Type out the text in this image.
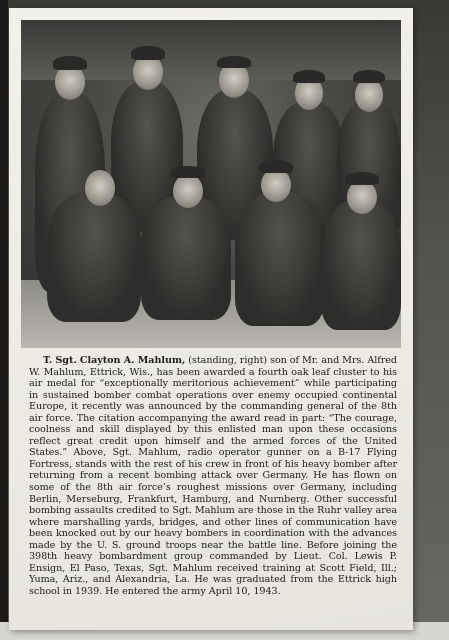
T. Sgt. Clayton A. Mahlum, (standing, right) son of Mr. and Mrs. Alfred W. Mahlum, Ettrick, Wis., has been awarded a fourth oak leaf cluster to his air medal for “exceptionally meritorious achievement” while participating in sustained bomber combat operations over enemy occupied continental Europe, it recently was announced by the commanding general of the 8th air force. The citation accompanying the award read in part: “The courage, coolness and skill displayed by this enlisted man upon these occasions reflect great credit upon himself and the armed forces of the United States.” Above, Sgt. Mahlum, radio operator gunner on a B-17 Flying Fortress, stands with the rest of his crew in front of his heavy bomber after returning from a recent bombing attack over Germany. He has flown on some of the 8th air force’s roughest missions over Germany, including Berlin, Merseburg, Frankfurt, Hamburg, and Nurnberg. Other successful bombing assaults credited to Sgt. Mahlum are those in the Ruhr valley area where marshalling yards, bridges, and other lines of communication have been knocked out by our heavy bombers in coordination with the advances made by the U. S. ground troops near the battle line. Before joining the 398th heavy bombardment group commanded by Lieut. Col. Lewis P. Ensign, El Paso, Texas, Sgt. Mahlum received training at Scott Field, Ill.; Yuma, Ariz., and Alexandria, La. He was graduated from the Ettrick high school in 1939. He entered the army April 10, 1943.
